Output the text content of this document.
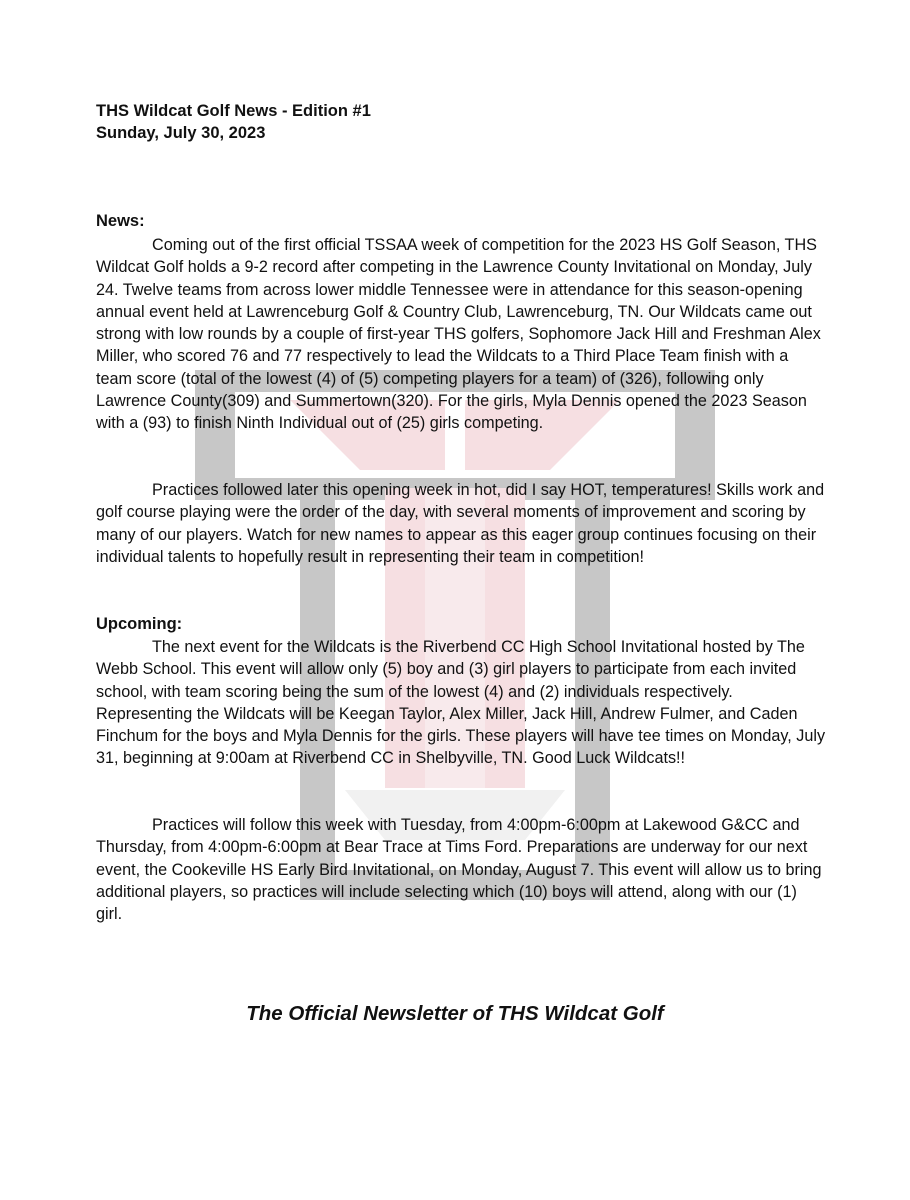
THS Wildcat Golf News - Edition #1
Sunday, July 30, 2023
News:

Coming out of the first official TSSAA week of competition for the 2023 HS Golf Season, THS Wildcat Golf holds a 9-2 record after competing in the Lawrence County Invitational on Monday, July 24. Twelve teams from across lower middle Tennessee were in attendance for this season-opening annual event held at Lawrenceburg Golf & Country Club, Lawrenceburg, TN. Our Wildcats came out strong with low rounds by a couple of first-year THS golfers, Sophomore Jack Hill and Freshman Alex Miller, who scored 76 and 77 respectively to lead the Wildcats to a Third Place Team finish with a team score (total of the lowest (4) of (5) competing players for a team) of (326), following only Lawrence County(309) and Summertown(320). For the girls, Myla Dennis opened the 2023 Season with a (93) to finish Ninth Individual out of (25) girls competing.

Practices followed later this opening week in hot, did I say HOT, temperatures! Skills work and golf course playing were the order of the day, with several moments of improvement and scoring by many of our players. Watch for new names to appear as this eager group continues focusing on their individual talents to hopefully result in representing their team in competition!

Upcoming:

The next event for the Wildcats is the Riverbend CC High School Invitational hosted by The Webb School. This event will allow only (5) boy and (3) girl players to participate from each invited school, with team scoring being the sum of the lowest (4) and (2) individuals respectively. Representing the Wildcats will be Keegan Taylor, Alex Miller, Jack Hill, Andrew Fulmer, and Caden Finchum for the boys and Myla Dennis for the girls. These players will have tee times on Monday, July 31, beginning at 9:00am at Riverbend CC in Shelbyville, TN. Good Luck Wildcats!!

Practices will follow this week with Tuesday, from 4:00pm-6:00pm at Lakewood G&CC and Thursday, from 4:00pm-6:00pm at Bear Trace at Tims Ford. Preparations are underway for our next event, the Cookeville HS Early Bird Invitational, on Monday, August 7. This event will allow us to bring additional players, so practices will include selecting which (10) boys will attend, along with our (1) girl.

The Official Newsletter of THS Wildcat Golf
